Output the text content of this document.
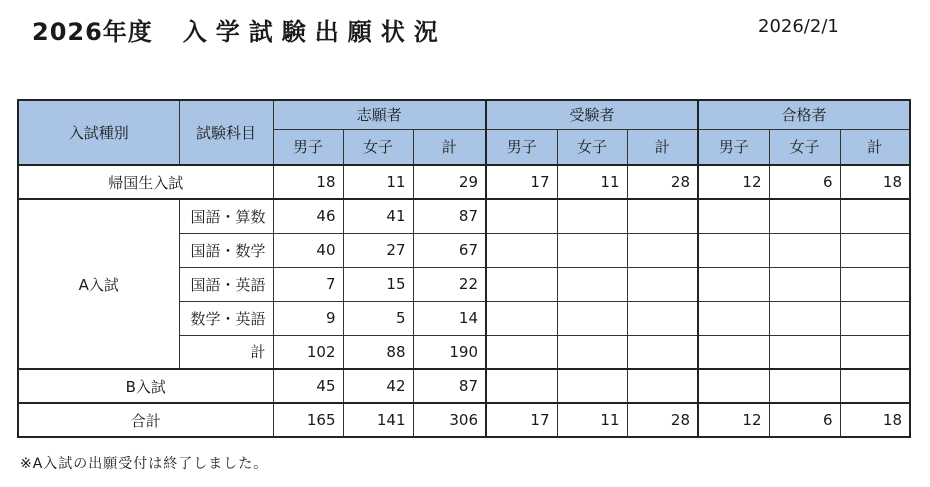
2026年度 入学試験出願状況	2026/2/1
入試種別	試験科目	志願者			受験者			合格者		
		男子	女子	計	男子	女子	計	男子	女子	計
帰国生入試		18	11	29	17	11	28	12	6	18
A入試	国語・算数	46	41	87						
	国語・数学	40	27	67						
	国語・英語	7	15	22						
	数学・英語	9	5	14						
	計	102	88	190						
B入試		45	42	87						
合計		165	141	306	17	11	28	12	6	18
※A入試の出願受付は終了しました。
